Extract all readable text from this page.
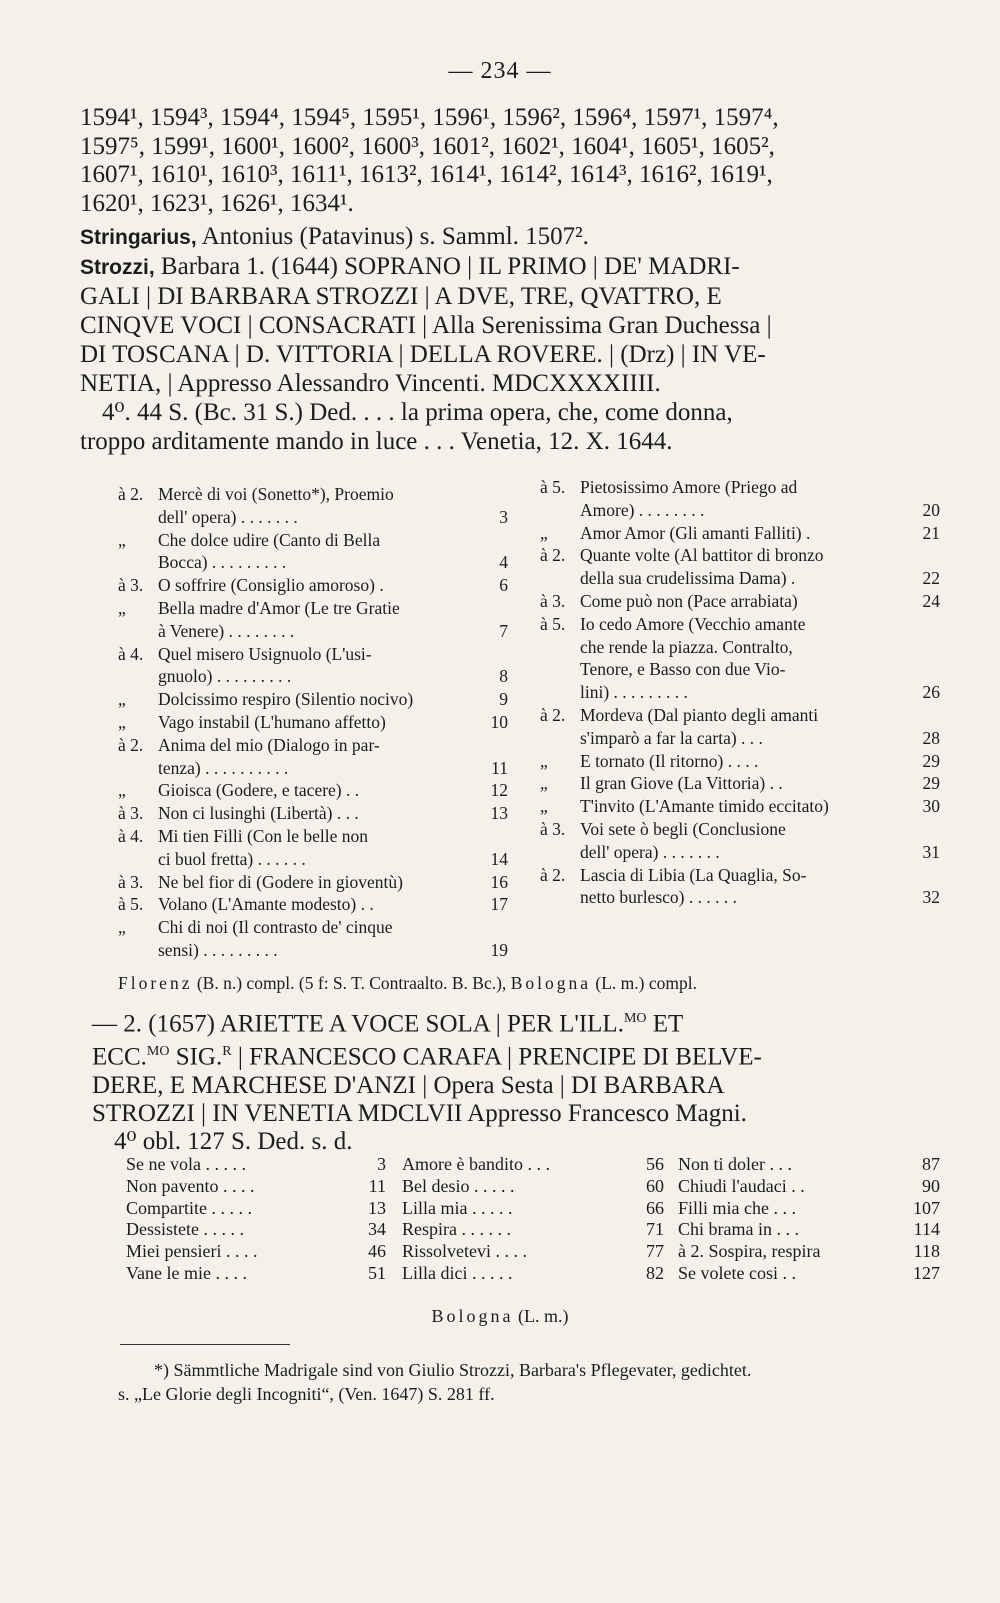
— 234 —
1594¹, 1594³, 1594⁴, 1594⁵, 1595¹, 1596¹, 1596², 1596⁴, 1597¹, 1597⁴,
1597⁵, 1599¹, 1600¹, 1600², 1600³, 1601², 1602¹, 1604¹, 1605¹, 1605²,
1607¹, 1610¹, 1610³, 1611¹, 1613², 1614¹, 1614², 1614³, 1616², 1619¹,
1620¹, 1623¹, 1626¹, 1634¹.
Stringarius, Antonius (Patavinus) s. Samml. 1507².
Strozzi, Barbara 1. (1644) SOPRANO | IL PRIMO | DE' MADRI-
GALI | DI BARBARA STROZZI | A DVE, TRE, QVATTRO, E
CINQVE VOCI | CONSACRATI | Alla Serenissima Gran Duchessa |
DI TOSCANA | D. VITTORIA | DELLA ROVERE. | (Drz) | IN VE-
NETIA, | Appresso Alessandro Vincenti. MDCXXXXIIII.
4⁰. 44 S. (Bc. 31 S.) Ded. . . . la prima opera, che, come donna,
troppo arditamente mando in luce . . . Venetia, 12. X. 1644.
à 2. Mercè di voi (Sonetto*), Proemio
dell' opera) . . . . . . .	3
„	Che dolce udire (Canto di Bella
Bocca) . . . . . . . . .	4
à 3. O soffrire (Consiglio amoroso) .	6
„	Bella madre d'Amor (Le tre Gratie
à Venere) . . . . . . . .	7
à 4. Quel misero Usignuolo (L'usi-
gnuolo) . . . . . . . . .	8
„	Dolcissimo respiro (Silentio nocivo)	9
„	Vago instabil (L'humano affetto)	10
à 2. Anima del mio (Dialogo in par-
tenza) . . . . . . . . . .	11
„	Gioisca (Godere, e tacere) . .	12
à 3. Non ci lusinghi (Libertà) . . .	13
à 4. Mi tien Filli (Con le belle non
ci buol fretta) . . . . . .	14
à 3. Ne bel fior di (Godere in gioventù)	16
à 5. Volano (L'Amante modesto) . .	17
„	Chi di noi (Il contrasto de' cinque
sensi) . . . . . . . . .	19
à 5. Pietosissimo Amore (Priego ad
Amore) . . . . . . . .	20
„	Amor Amor (Gli amanti Falliti) .	21
à 2. Quante volte (Al battitor di bronzo
della sua crudelissima Dama) .	22
à 3. Come può non (Pace arrabiata)	24
à 5. Io cedo Amore (Vecchio amante
che rende la piazza. Contralto,
Tenore, e Basso con due Vio-
lini) . . . . . . . . .	26
à 2. Mordeva (Dal pianto degli amanti
s'imparò a far la carta) . . .	28
„	E tornato (Il ritorno) . . . .	29
„	Il gran Giove (La Vittoria) . .	29
„	T'invito (L'Amante timido eccitato)	30
à 3. Voi sete ò begli (Conclusione
dell' opera) . . . . . . .	31
à 2. Lascia di Libia (La Quaglia, So-
netto burlesco) . . . . . .	32
Florenz (B. n.) compl. (5 f: S. T. Contraalto. B. Bc.), Bologna (L. m.) compl.
— 2. (1657) ARIETTE A VOCE SOLA | PER L'ILL.$^{MO}$ ET
ECC.$^{MO}$ SIG.$^R$ | FRANCESCO CARAFA | PRENCIPE DI BELVE-
DERE, E MARCHESE D'ANZI | Opera Sesta | DI BARBARA
STROZZI | IN VENETIA MDCLVII Appresso Francesco Magni.
4⁰ obl. 127 S. Ded. s. d.
Se ne vola . . . . .	3
Non pavento . . . .	11
Compartite . . . . .	13
Dessistete . . . . .	34
Miei pensieri . . . .	46
Vane le mie . . . .	51
Amore è bandito . . .	56
Bel desio . . . . .	60
Lilla mia . . . . .	66
Respira . . . . . .	71
Rissolvetevi . . . .	77
Lilla dici . . . . .	82
Non ti doler . . .	87
Chiudi l'audaci . .	90
Filli mia che . . .	107
Chi brama in . . .	114
à 2. Sospira, respira	118
Se volete cosi . .	127
Bologna (L. m.)
*) Sämmtliche Madrigale sind von Giulio Strozzi, Barbara's Pflegevater, gedichtet.
s. „Le Glorie degli Incogniti“, (Ven. 1647) S. 281 ff.
